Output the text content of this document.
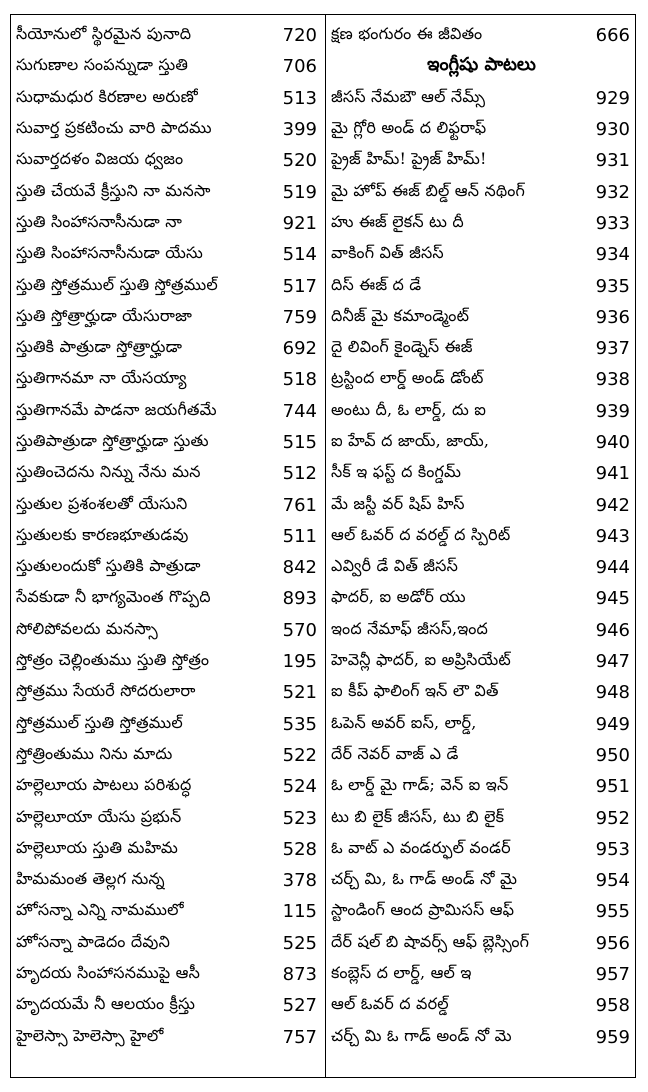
సీయోనులో స్థిరమైన పునాది	720
సుగుణాల సంపన్నుడా స్తుతి	706
సుధామధుర కిరణాల అరుణో	513
సువార్త ప్రకటించు వారి పాదము	399
సువార్తదళం విజయ ధ్వజం	520
స్తుతి చేయవే క్రీస్తుని నా మనసా	519
స్తుతి సింహాసనాసీనుడా నా	921
స్తుతి సింహాసనాసీనుడా యేసు	514
స్తుతి స్తోత్రముల్ స్తుతి స్తోత్రముల్	517
స్తుతి స్తోత్రార్హుడా యేసురాజా	759
స్తుతికి పాత్రుడా స్తోత్రార్హుడా	692
స్తుతిగానమా నా యేసయ్యా	518
స్తుతిగానమే పాడనా జయగీతమే	744
స్తుతిపాత్రుడా స్తోత్రార్హుడా స్తుతు	515
స్తుతించెదను నిన్ను నేను మన	512
స్తుతుల ప్రశంశలతో యేసుని	761
స్తుతులకు కారణభూతుడవు	511
స్తుతులందుకో స్తుతికి పాత్రుడా	842
సేవకుడా నీ భాగ్యమెంత గొప్పది	893
సోలిపోవలదు మనస్సా	570
స్తోత్రం చెల్లింతుము స్తుతి స్తోత్రం	195
స్తోత్రము సేయరే సోదరులారా	521
స్తోత్రముల్ స్తుతి స్తోత్రముల్	535
స్తోత్రింతుము నిను మాదు	522
హల్లెలూయ పాటలు పరిశుద్ధ	524
హల్లెలూయా యేసు ప్రభున్	523
హల్లెలూయ స్తుతి మహిమ	528
హిమమంత తెల్లగ నున్న	378
హోసన్నా ఎన్ని నామములో	115
హోసన్నా పాడెదం దేవుని	525
హృదయ సింహాసనముపై ఆసీ	873
హృదయమే నీ ఆలయం క్రీస్తు	527
హైలెస్సా హెలెస్సా హైలో	757
క్షణ భంగురం ఈ జీవితం	666
ఇంగ్లీషు పాటలు
జీసస్ నేమబౌ ఆల్ నేమ్స్	929
మై గ్లోరి అండ్ ద లిఫ్టరాఫ్	930
ప్రైజ్ హిమ్! ప్రైజ్ హిమ్!	931
మై హోప్ ఈజ్ బిల్డ్ ఆన్ నథింగ్	932
హు ఈజ్ లైకన్ టు దీ	933
వాకింగ్ విత్ జీసస్	934
దిస్ ఈజ్ ద డే	935
దినీజ్ మై కమాండ్మెంట్	936
దై లివింగ్ కైండ్నెస్ ఈజ్	937
ట్రస్టింద లార్డ్ అండ్ డోంట్	938
అంటు దీ, ఓ లార్డ్, దు ఐ	939
ఐ హేవ్ ద జాయ్, జాయ్,	940
సీక్ ఇ ఫస్ట్ ద కింగ్డమ్	941
మే జస్టీ వర్ షిప్ హిస్	942
ఆల్ ఓవర్ ద వరల్డ్ ద స్పిరిట్	943
ఎవ్విరీ డే విత్ జీసస్	944
ఫాదర్, ఐ అడోర్ యు	945
ఇంద నేమాఫ్ జీసస్,ఇంద	946
హెవెన్లీ ఫాదర్, ఐ అప్రిసియేట్	947
ఐ కీప్ ఫాలింగ్ ఇన్ లౌ విత్	948
ఓపెన్ అవర్ ఐస్, లార్డ్,	949
దేర్ నెవర్ వాజ్ ఎ డే	950
ఓ లార్డ్ మై గాడ్; వెన్ ఐ ఇన్	951
టు బి లైక్ జీసస్, టు బి లైక్	952
ఓ వాట్ ఎ వండర్ఫుల్ వండర్	953
చర్చ్ మి, ఓ గాడ్ అండ్ నో మై	954
స్టాండింగ్ ఆంద ప్రామిసస్ ఆఫ్	955
దేర్ షల్ బి షావర్స్ ఆఫ్ బ్లెస్సింగ్	956
కంబ్లెస్ ద లార్డ్, ఆల్ ఇ	957
ఆల్ ఓవర్ ద వరల్డ్	958
చర్చ్ మి ఓ గాడ్ అండ్ నో మె	959
